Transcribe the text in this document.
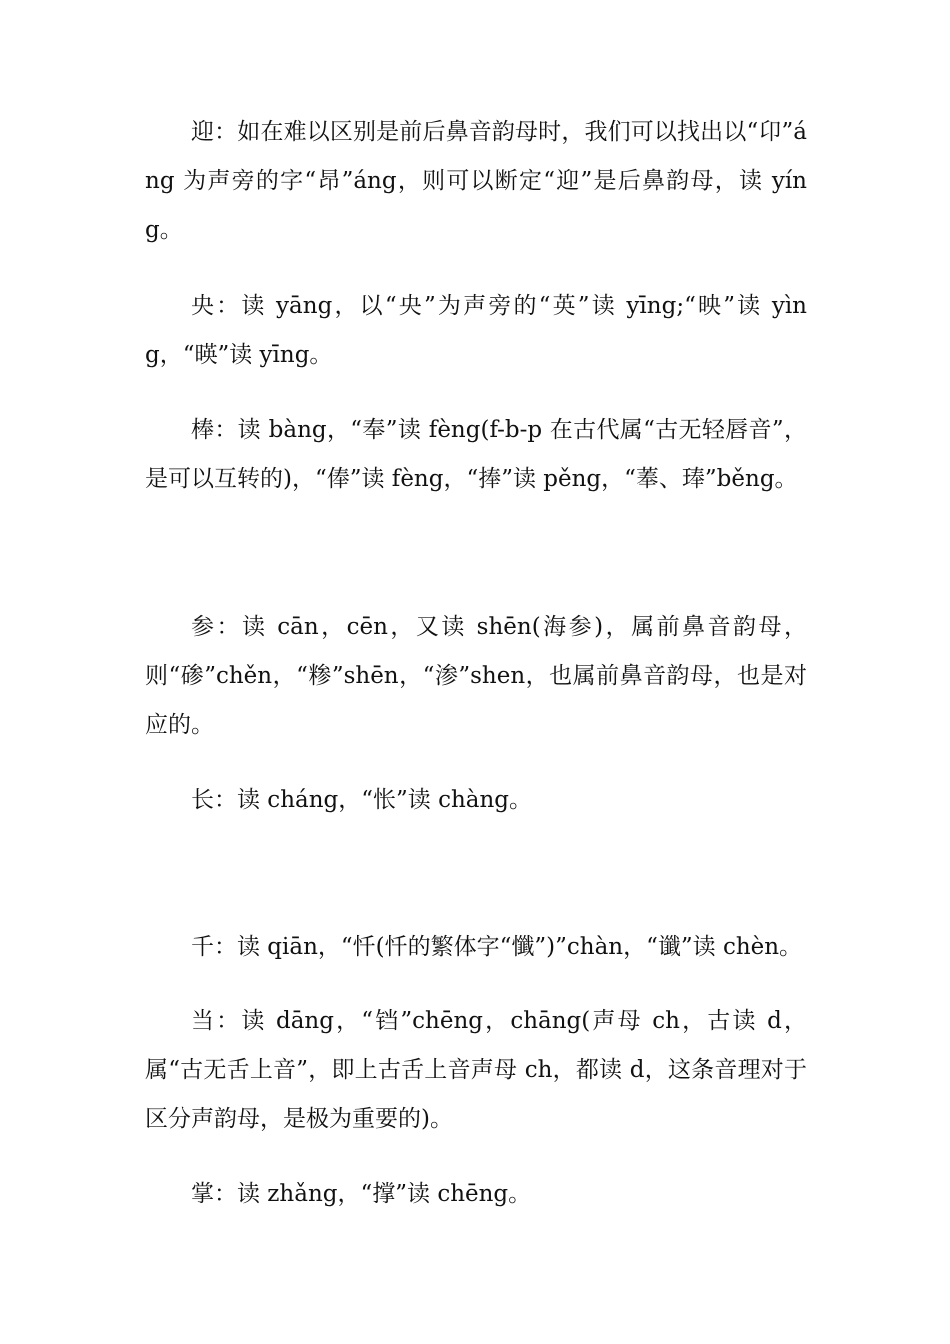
迎：如在难以区别是前后鼻音韵母时，我们可以找出以“卬”áng 为声旁的字“昂”áng，则可以断定“迎”是后鼻韵母，读 yíng。

央：读 yāng，以“央”为声旁的“英”读 yīng;“映”读 yìng，“暎”读 yīng。

棒：读 bàng，“奉”读 fèng(f-b-p 在古代属“古无轻唇音”，是可以互转的)，“俸”读 fèng，“捧”读 pěng，“菶、琫”běng。

参：读 cān，cēn，又读 shēn(海参)，属前鼻音韵母，则“碜”chěn，“糁”shēn，“渗”shen，也属前鼻音韵母，也是对应的。

长：读 cháng，“怅”读 chàng。

千：读 qiān，“忏(忏的繁体字“懺”)”chàn，“谶”读 chèn。

当：读 dāng，“铛”chēng，chāng(声母 ch，古读 d，属“古无舌上音”，即上古舌上音声母 ch，都读 d，这条音理对于区分声韵母，是极为重要的)。

掌：读 zhǎng，“撑”读 chēng。
